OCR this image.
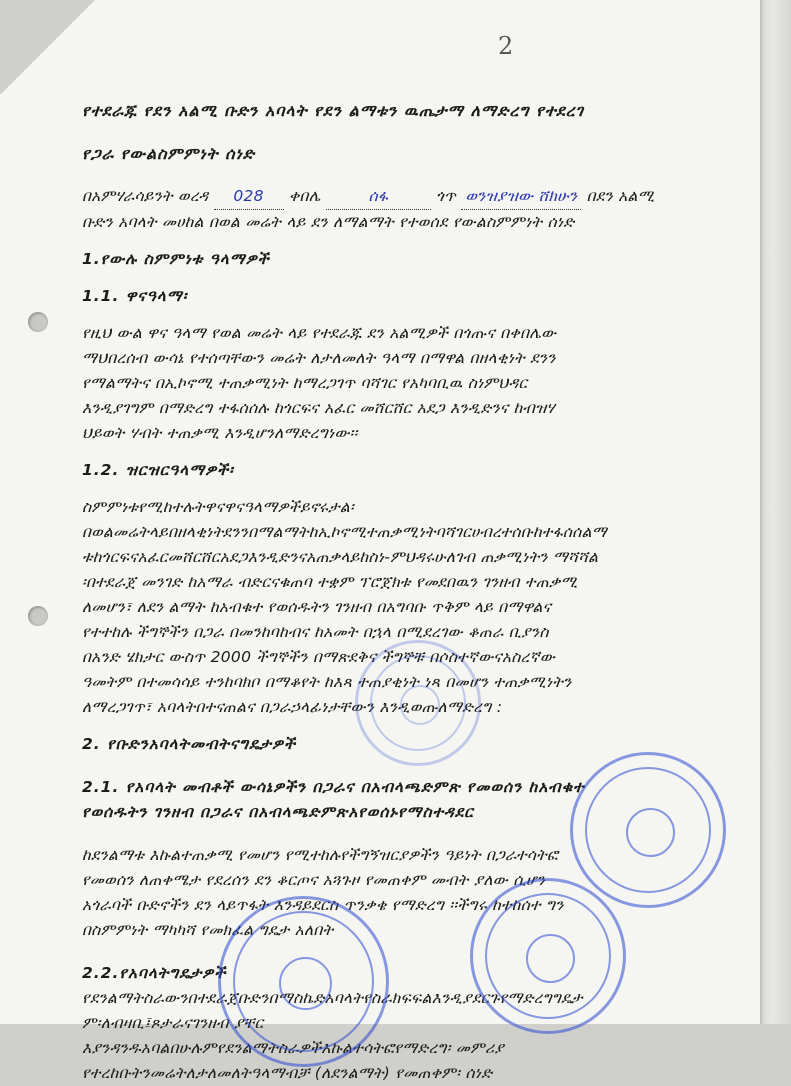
2
የተደራጁ የደን አልሚ ቡድን አባላት የደን ልማቱን ዉጤታማ ለማድረግ የተደረገ
የጋራ የውልስምምነት ሰነድ
በአምሃራሳይንት ወረዳ 028 ቀበሌ	ሰፋ	ጎጥ ወንዝያዝው ሸክሁን በደን አልሚ
ቡድን አባላት መሀከል በወል መሬት ላይ ደን ለማልማት የተወሰደ የውልስምምነት ሰነድ
1.የውሉ ስምምነቱ ዓላማዎች
1.1. ዋናዓላማ፡
የዚህ ውል ዋና ዓላማ የወል መሬት ላይ የተደራጁ ደን አልሚዎች በጎጡና በቀበሌው
ማህበረሰብ ውሳኔ የተሰጣቸውን መሬት ለታለመለት ዓላማ በማዋል በዘላቂነት ደንን
የማልማትና በኢኮኖሚ ተጠቃሚነት ከማረጋገጥ ባሻገር የአካባቢዉ ስነምህዳር
እንዲያገግም በማድረግ ተፋሰሰሉ ከጎርፍና አፈር መሸርሸር አደጋ እንዲድንና ከብዝሃ
ህይወት ሃብት ተጠቃሚ እንዲሆንለማድረግነው፡፡
1.2. ዝርዝርዓላማዎች፡
ስምምነቱየሚከተሉትዋናዋናዓላማዎችይኖሩታል፡
በወልመሬትላይበዘላቂነትደንንበማልማትከኢኮኖሚተጠቃሚነትባሻገርሀብረተሰቡከተፋሰሰልማ
ቱከጎርፍናአፈርመሸርሸርአደጋእንዲድንናአጠቃላይከስነ-ምህዳሩሁለገብ ጠቃሚነትን ማሻሻል
፡በተደራጀ መንገድ ከአማራ ብድርናቁጠባ ተቋም ፕሮጀክቱ የመደበዉን ገንዘብ ተጠቃሚ
ለመሆን፣ ለደን ልማት ከአብቁተ የወሰዱትን ገንዘብ በአግባቡ ጥቅም ላይ በማዋልና
የተተከሉ ችግኞችን በጋራ በመንከባከብና ከአመት በኋላ በሚደረገው ቆጠራ ቢያንስ
በአንድ ሄክታር ውስጥ 2000 ችግኞችን በማጽደቅና ችግኞቹ በሶስተኛውናአስረኛው
ዓመትም በተመሳሳይ ተንከባክቦ በማቆየት ከእጻ ተጠያቂነት ነጻ በመሆን ተጠቃሚነትን
ለማረጋገጥ፣ አባላትበተናጠልና በጋራኃላፊነታቸውን እንዲወጡለማድረግ :
2. የቡድንአባላትመብትናግዴታዎች
2.1. የአባላት መብቶች ውሳኔዎችን በጋራና በአብላጫድምጽ የመወሰን ከአብቁተ
የወሰዱትን ገንዘብ በጋራና በአብላጫድምጽአየወሰኑየማስተዳደር
ከደንልማቱ እኩልተጠቃሚ የመሆን የሚተከሉየችግኝዝርያዎችን ዓይነት በጋራተሳትፎ
የመወሰን ለጠቀሜታ የደረሰን ደን ቆርጦና አጓጉዞ የመጠቀም መብት ያለው ሲሆን
አጎራባች ቡድኖችን ደን ላይጥፋት እንዳይደርስ ጥንቃቄ የማድረግ ፡፡ችግሩ ከተከሰተ ግን
በስምምነት ማካካሻ የመክፈል ግዴታ አለበት
2.2.የአባላትግዴታዎች
የደንልማትስራውንበተደራጀቡድንበማስኬድአባላትየስራክፍፍልእንዲያደርጉየማድረግግዴታ
ም፡ለብዛቢ፤ጾታራናገንዘብ ያቸር
እያንዳንዱአባልበሁሉምየደንልማትስራዎችእኩልተሳትፎየማድረግ፡ መምሪያ
የተረከቡትንመሬትለታለመለትዓላማብቻ (ለደንልማት) የመጠቀም፡ ሰነድ
